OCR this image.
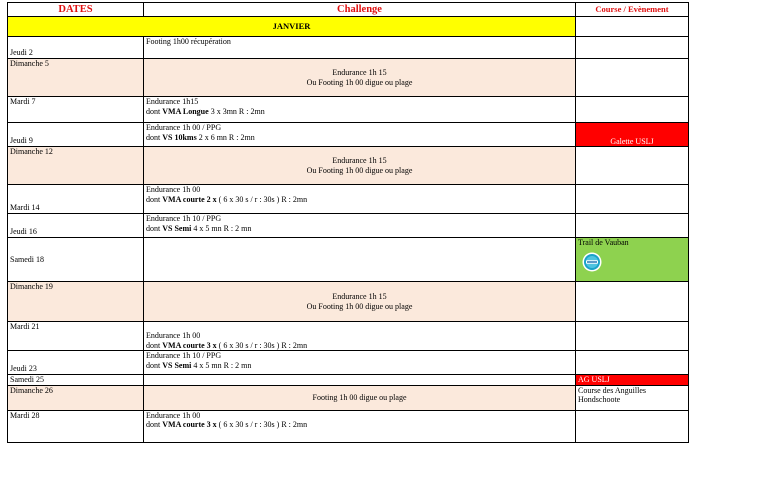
DATES	Challenge	Course / Evènement
JANVIER		
Jeudi 2	Footing 1h00 récupération	

Dimanche 5	Endurance 1h 15
Ou Footing 1h 00 digue ou plage	

Mardi 7	Endurance 1h15
dont VMA Longue 3 x 3mn R : 2mn	

Jeudi 9	Endurance 1h 00 / PPG
dont VS 10kms 2 x 6 mn R : 2mn	Galette USLJ
Dimanche 12	Endurance 1h 15
Ou Footing 1h 00 digue ou plage	

Mardi 14	Endurance 1h 00
dont VMA courte 2 x ( 6 x 30 s / r : 30s ) R : 2mn	

Jeudi 16	Endurance 1h 10 / PPG
dont VS Semi 4 x 5 mn R : 2 mn	

Samedi 18		Trail de Vauban

Dimanche 19	Endurance 1h 15
Ou Footing 1h 00 digue ou plage	

Mardi 21	Endurance 1h 00
dont VMA courte 3 x ( 6 x 30 s / r : 30s ) R : 2mn	

Jeudi 23	Endurance 1h 10 / PPG
dont VS Semi 4 x 5 mn R : 2 mn	

Samedi 25		AG USLJ
Dimanche 26	Footing 1h 00 digue ou plage	Course des Anguilles
Hondschoote

Mardi 28	Endurance 1h 00
dont VMA courte 3 x ( 6 x 30 s / r : 30s ) R : 2mn	
